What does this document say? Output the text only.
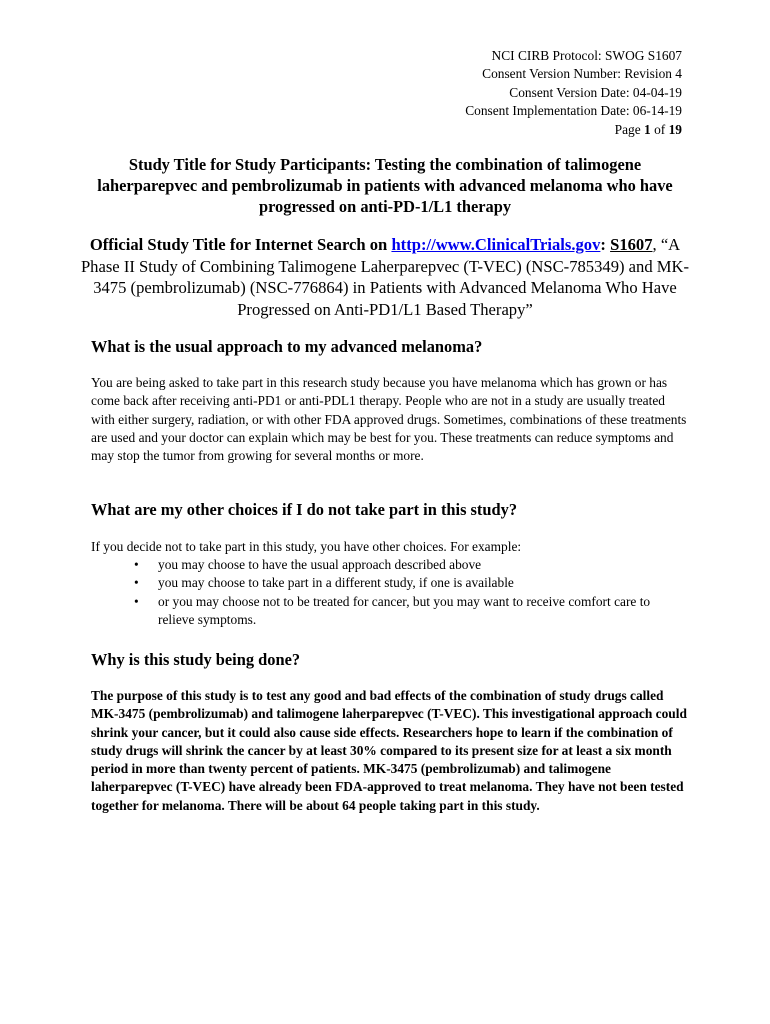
NCI CIRB Protocol: SWOG S1607
Consent Version Number: Revision 4
Consent Version Date: 04-04-19
Consent Implementation Date: 06-14-19
Page 1 of 19
Study Title for Study Participants: Testing the combination of talimogene laherparepvec and pembrolizumab in patients with advanced melanoma who have progressed on anti-PD-1/L1 therapy
Official Study Title for Internet Search on http://www.ClinicalTrials.gov: S1607, “A Phase II Study of Combining Talimogene Laherparepvec (T-VEC) (NSC-785349) and MK-3475 (pembrolizumab) (NSC-776864) in Patients with Advanced Melanoma Who Have Progressed on Anti-PD1/L1 Based Therapy”
What is the usual approach to my advanced melanoma?
You are being asked to take part in this research study because you have melanoma which has grown or has come back after receiving anti-PD1 or anti-PDL1 therapy. People who are not in a study are usually treated with either surgery, radiation, or with other FDA approved drugs. Sometimes, combinations of these treatments are used and your doctor can explain which may be best for you. These treatments can reduce symptoms and may stop the tumor from growing for several months or more.
What are my other choices if I do not take part in this study?
If you decide not to take part in this study, you have other choices. For example:
• you may choose to have the usual approach described above
• you may choose to take part in a different study, if one is available
• or you may choose not to be treated for cancer, but you may want to receive comfort care to relieve symptoms.
Why is this study being done?
The purpose of this study is to test any good and bad effects of the combination of study drugs called MK-3475 (pembrolizumab) and talimogene laherparepvec (T-VEC). This investigational approach could shrink your cancer, but it could also cause side effects. Researchers hope to learn if the combination of study drugs will shrink the cancer by at least 30% compared to its present size for at least a six month period in more than twenty percent of patients. MK-3475 (pembrolizumab) and talimogene laherparepvec (T-VEC) have already been FDA-approved to treat melanoma. They have not been tested together for melanoma. There will be about 64 people taking part in this study.
